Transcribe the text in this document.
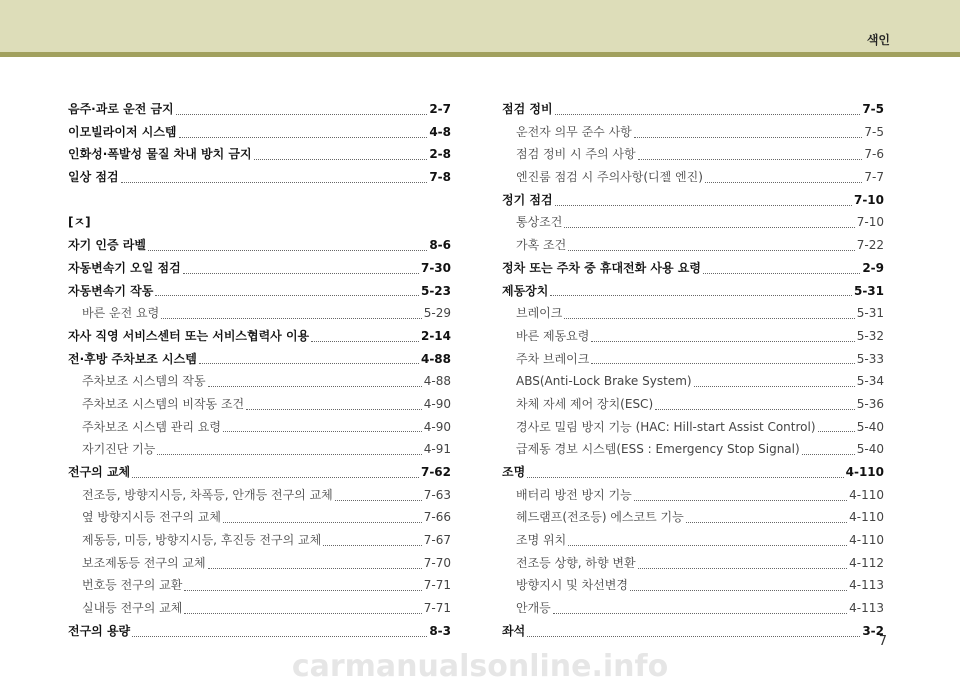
색인
음주·과로 운전 금지	2-7
이모빌라이저 시스템	4-8
인화성·폭발성 물질 차내 방치 금지	2-8
일상 점검	7-8
[ㅈ]
자기 인증 라벨	8-6
자동변속기 오일 점검	7-30
자동변속기 작동	5-23
바른 운전 요령	5-29
자사 직영 서비스센터 또는 서비스협력사 이용	2-14
전·후방 주차보조 시스템	4-88
주차보조 시스템의 작동	4-88
주차보조 시스템의 비작동 조건	4-90
주차보조 시스템 관리 요령	4-90
자기진단 기능	4-91
전구의 교체	7-62
전조등, 방향지시등, 차폭등, 안개등 전구의 교체	7-63
옆 방향지시등 전구의 교체	7-66
제동등, 미등, 방향지시등, 후진등 전구의 교체	7-67
보조제동등 전구의 교체	7-70
번호등 전구의 교환	7-71
실내등 전구의 교체	7-71
전구의 용량	8-3
점검 정비	7-5
운전자 의무 준수 사항	7-5
점검 정비 시 주의 사항	7-6
엔진룸 점검 시 주의사항(디젤 엔진)	7-7
정기 점검	7-10
통상조건	7-10
가혹 조건	7-22
정차 또는 주차 중 휴대전화 사용 요령	2-9
제동장치	5-31
브레이크	5-31
바른 제동요령	5-32
주차 브레이크	5-33
ABS(Anti-Lock Brake System)	5-34
차체 자세 제어 장치(ESC)	5-36
경사로 밀림 방지 기능 (HAC: Hill-start Assist Control)	5-40
급제동 경보 시스템(ESS : Emergency Stop Signal)	5-40
조명	4-110
배터리 방전 방지 기능	4-110
헤드램프(전조등) 에스코트 기능	4-110
조명 위치	4-110
전조등 상향, 하향 변환	4-112
방향지시 및 차선변경	4-113
안개등	4-113
좌석	3-2
7
carmanualsonline.info
